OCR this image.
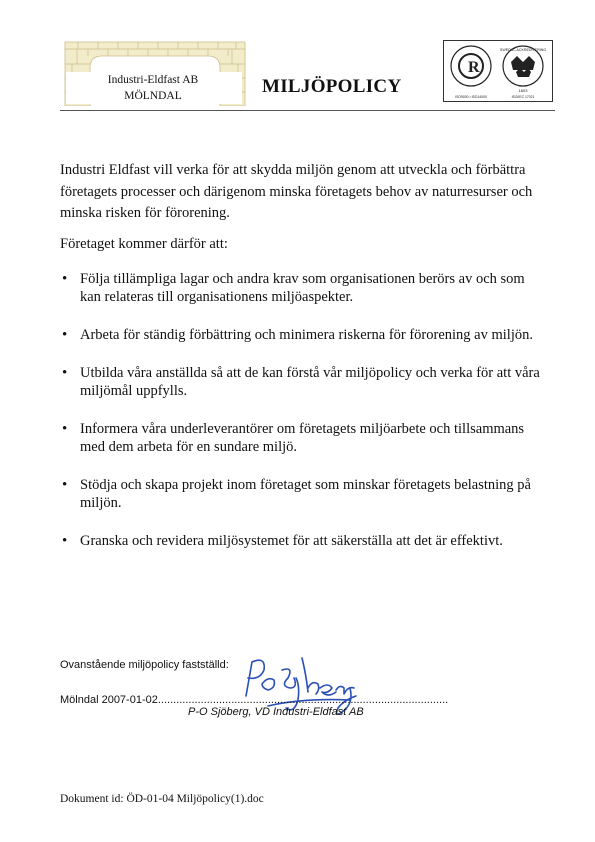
Industri-Eldfast AB
MÖLNDAL	MILJÖPOLICY
R
1603
ISO9000 • ISO14000	ISO/IEC 17021
SWEDAC ACKREDITERING
Industri Eldfast vill verka för att skydda miljön genom att utveckla och förbättra företagets processer och därigenom minska företagets behov av naturresurser och minska risken för förorening.
Företaget kommer därför att:
• Följa tillämpliga lagar och andra krav som organisationen berörs av och som kan relateras till organisationens miljöaspekter.
• Arbeta för ständig förbättring och minimera riskerna för förorening av miljön.
• Utbilda våra anställda så att de kan förstå vår miljöpolicy och verka för att våra miljömål uppfylls.
• Informera våra underleverantörer om företagets miljöarbete och tillsammans med dem arbeta för en sundare miljö.
• Stödja och skapa projekt inom företaget som minskar företagets belastning på miljön.
• Granska och revidera miljösystemet för att säkerställa att det är effektivt.
Ovanstående miljöpolicy fastställd:
Mölndal 2007-01-02...............................................................................................
P-O Sjöberg, VD Industri-Eldfast AB
Dokument id: ÖD-01-04 Miljöpolicy(1).doc
